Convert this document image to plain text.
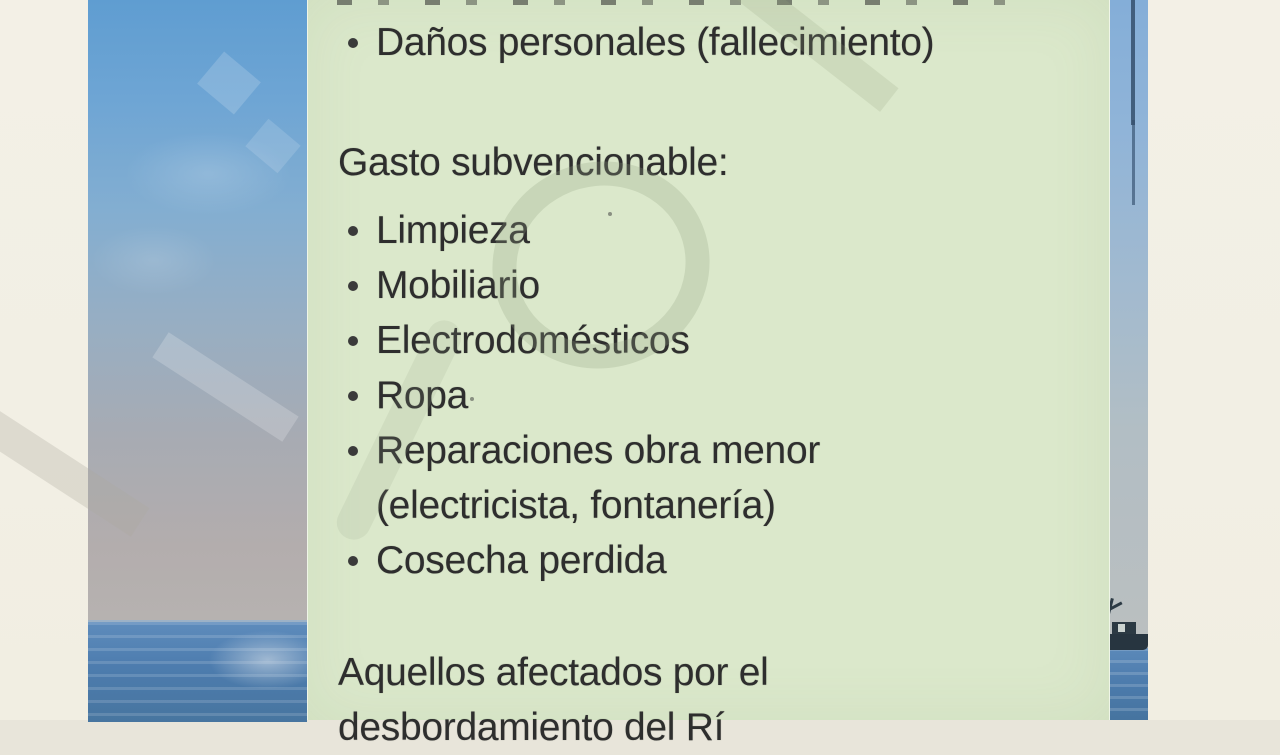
Daños personales (fallecimiento)
Gasto subvencionable:
Limpieza
Mobiliario
Electrodomésticos
Ropa
Reparaciones obra menor
(electricista, fontanería)
Cosecha perdida
Aquellos afectados por el
desbordamiento del Rí
